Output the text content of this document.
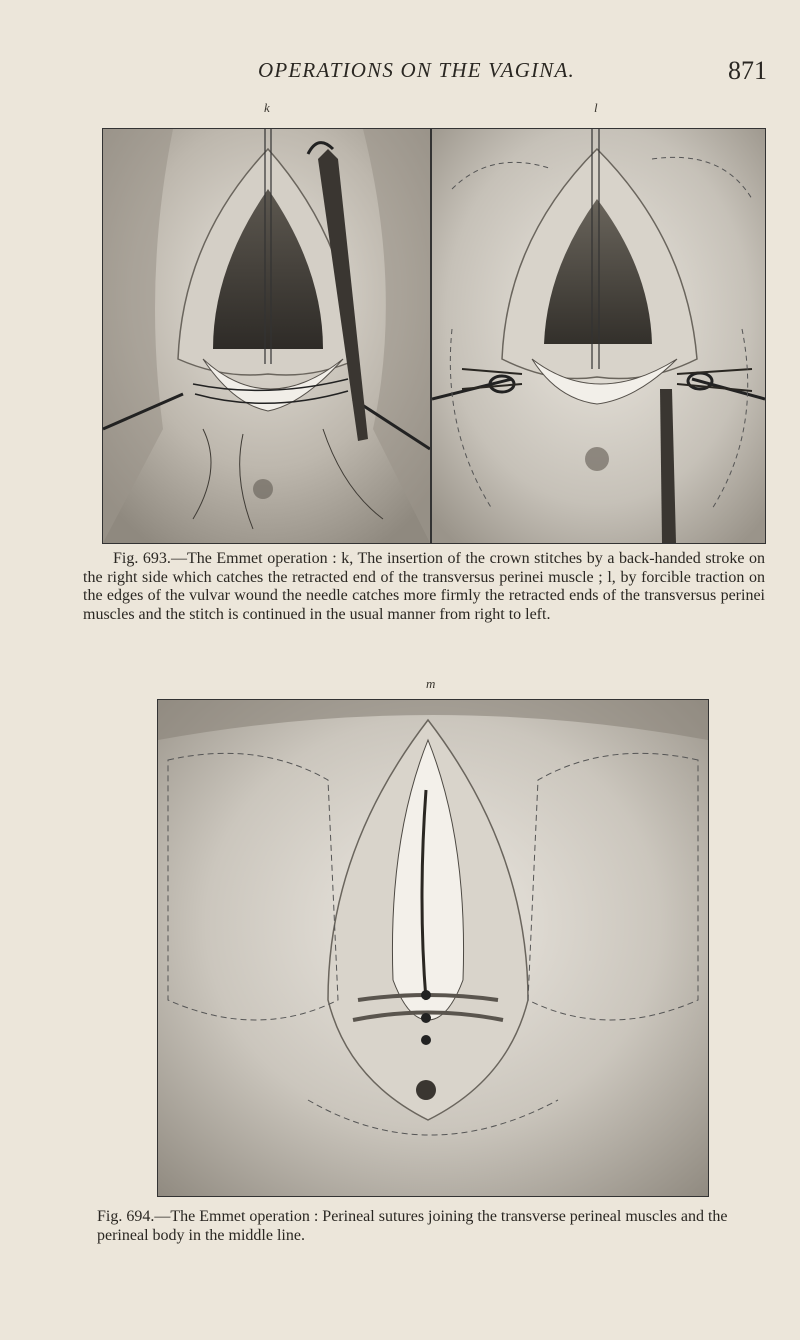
OPERATIONS ON THE VAGINA.	871
k	l
Fig. 693.—The Emmet operation : k, The insertion of the crown stitches by a back-handed stroke on the right side which catches the retracted end of the transversus perinei muscle ; l, by forcible traction on the edges of the vulvar wound the needle catches more firmly the retracted ends of the transversus perinei muscles and the stitch is continued in the usual manner from right to left.
m
Fig. 694.—The Emmet operation : Perineal sutures joining the transverse perineal muscles and the perineal body in the middle line.
